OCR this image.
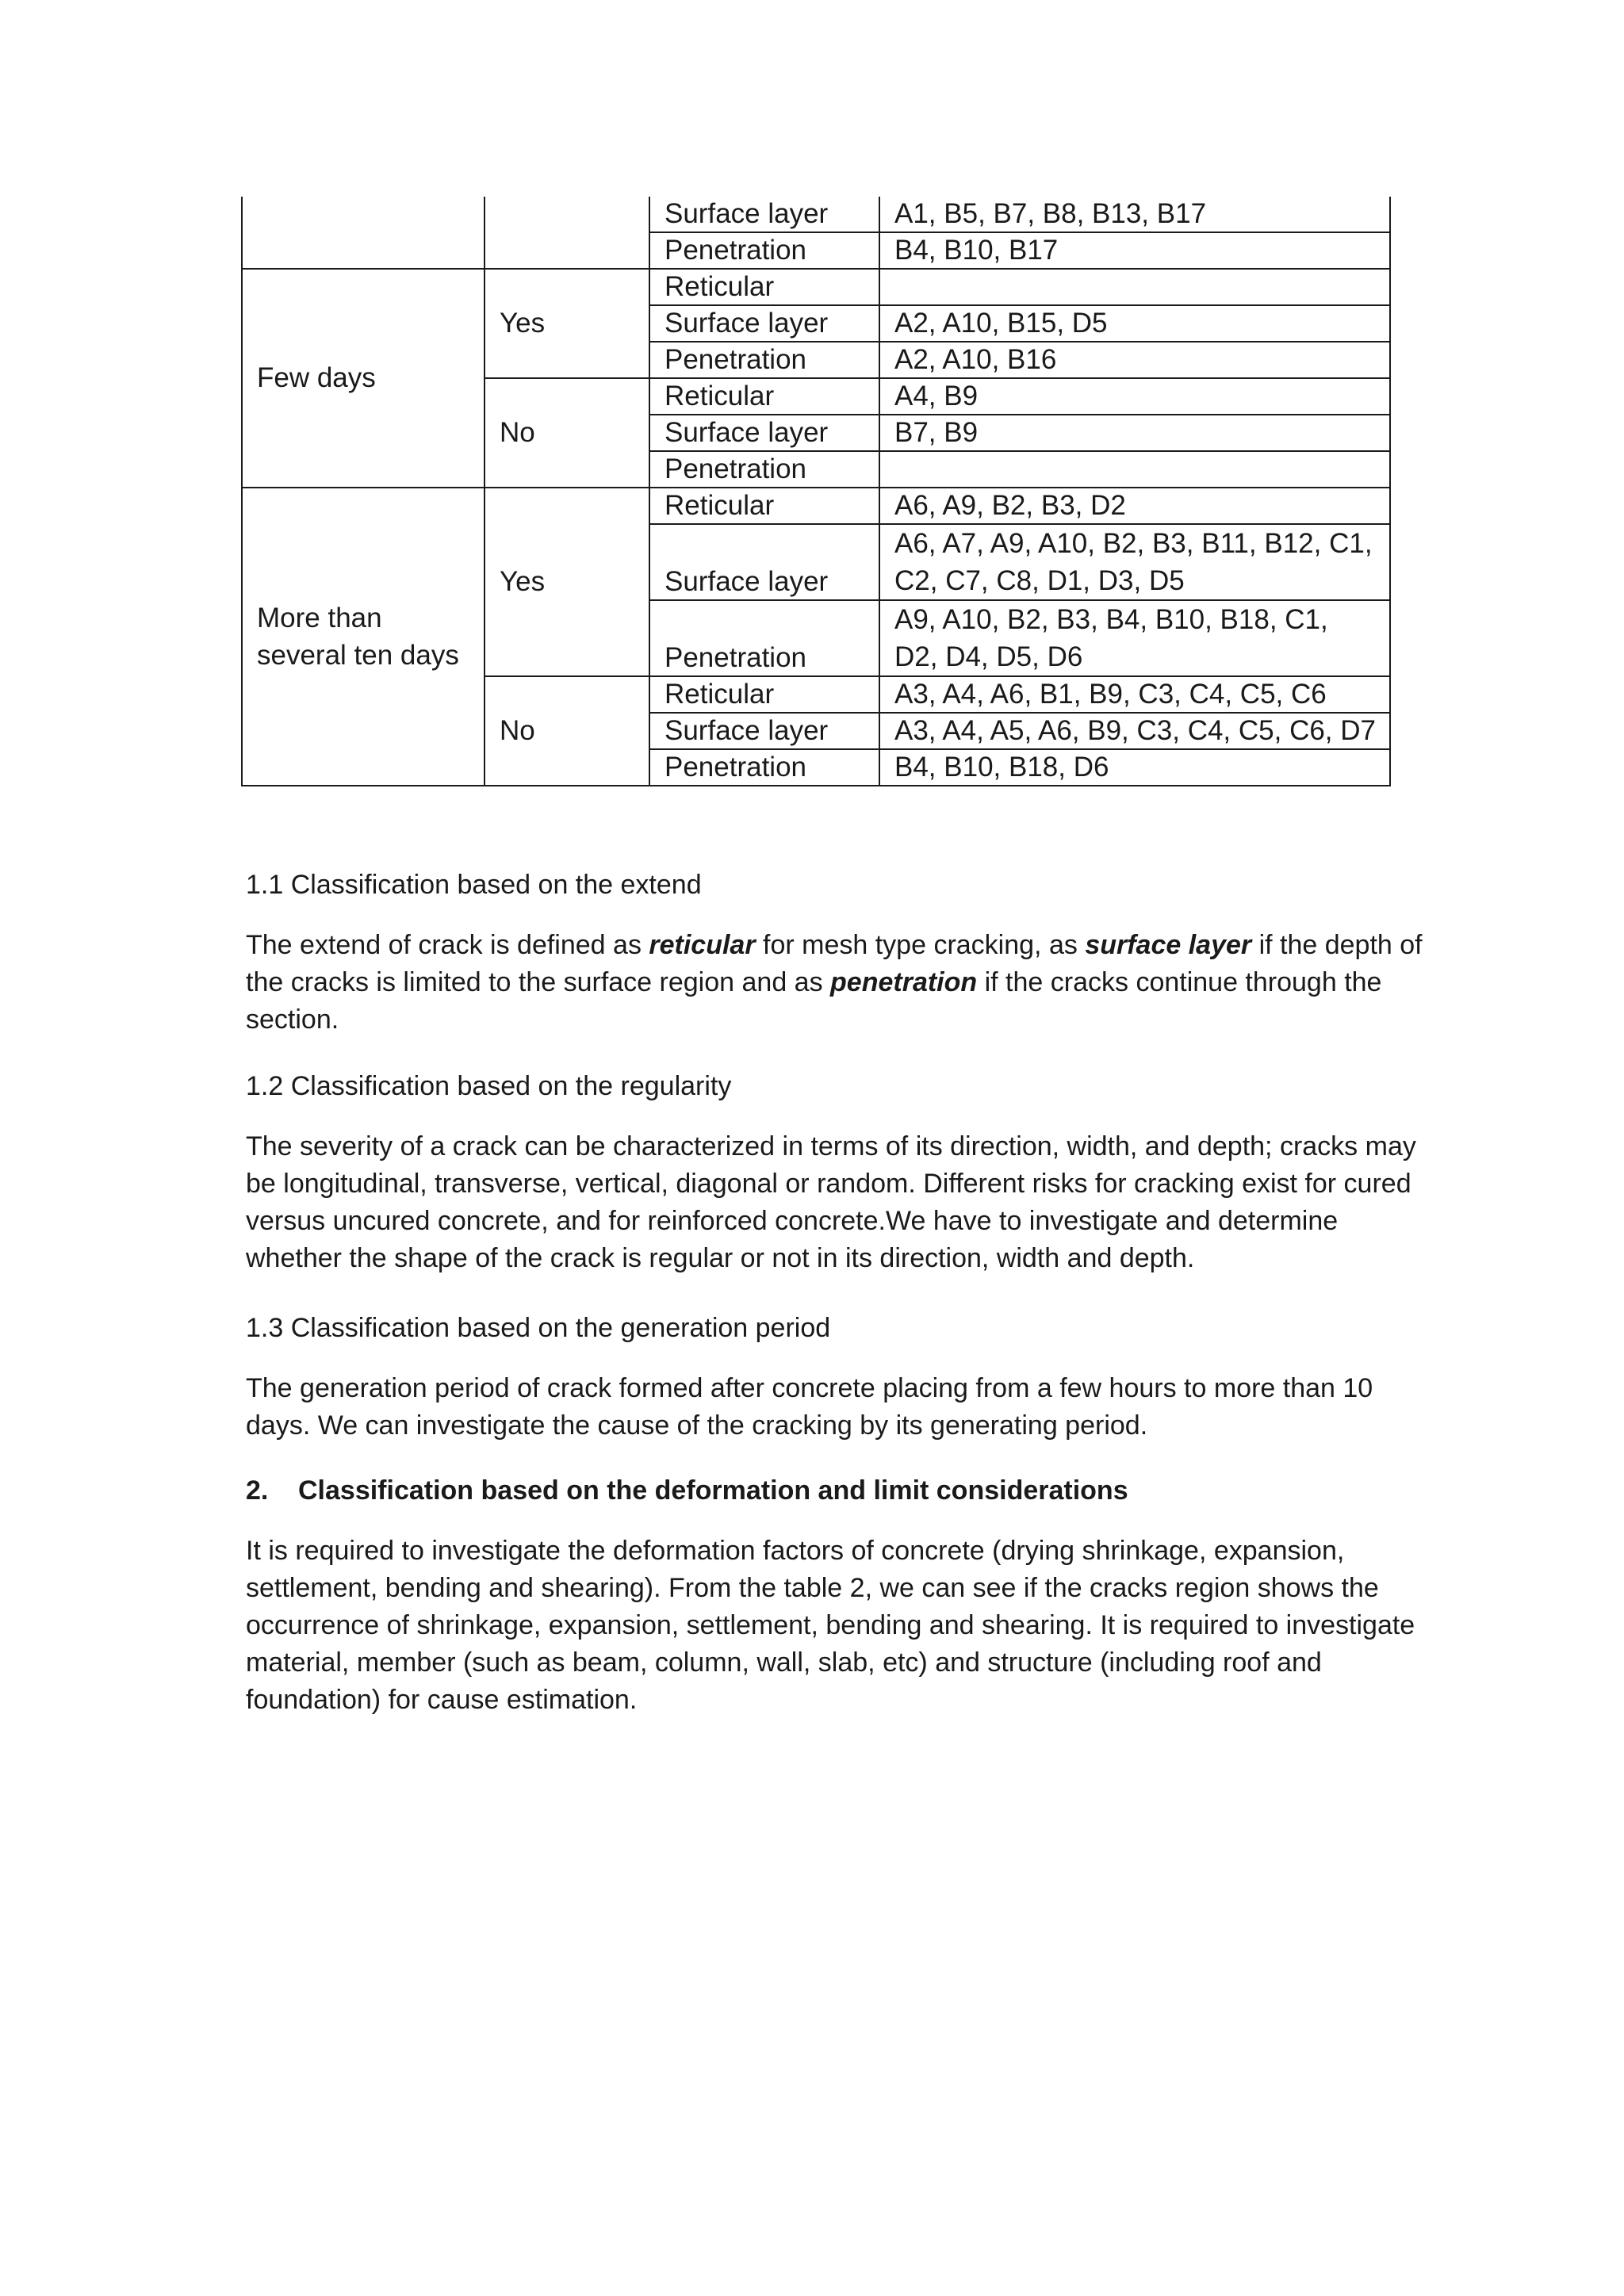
		Surface layer	A1, B5, B7, B8, B13, B17
		Penetration	B4, B10, B17
Few days	Yes	Reticular	
		Surface layer	A2, A10, B15, D5
		Penetration	A2, A10, B16
	No	Reticular	A4, B9
		Surface layer	B7, B9
		Penetration	
More than several ten days	Yes	Reticular	A6, A9, B2, B3, D2
		Surface layer	A6, A7, A9, A10, B2, B3, B11, B12, C1, C2, C7, C8, D1, D3, D5
		Penetration	A9, A10, B2, B3, B4, B10, B18, C1, D2, D4, D5, D6
	No	Reticular	A3, A4, A6, B1, B9, C3, C4, C5, C6
		Surface layer	A3, A4, A5, A6, B9, C3, C4, C5, C6, D7
		Penetration	B4, B10, B18, D6

1.1 Classification based on the extend

The extend of crack is defined as reticular for mesh type cracking, as surface layer if the depth of the cracks is limited to the surface region and as penetration if the cracks continue through the section.

1.2 Classification based on the regularity

The severity of a crack can be characterized in terms of its direction, width, and depth; cracks may be longitudinal, transverse, vertical, diagonal or random. Different risks for cracking exist for cured versus uncured concrete, and for reinforced concrete.We have to investigate and determine whether the shape of the crack is regular or not in its direction, width and depth.

1.3 Classification based on the generation period

The generation period of crack formed after concrete placing from a few hours to more than 10 days. We can investigate the cause of the cracking by its generating period.

2. Classification based on the deformation and limit considerations

It is required to investigate the deformation factors of concrete (drying shrinkage, expansion, settlement, bending and shearing). From the table 2, we can see if the cracks region shows the occurrence of shrinkage, expansion, settlement, bending and shearing. It is required to investigate material, member (such as beam, column, wall, slab, etc) and structure (including roof and foundation) for cause estimation.
